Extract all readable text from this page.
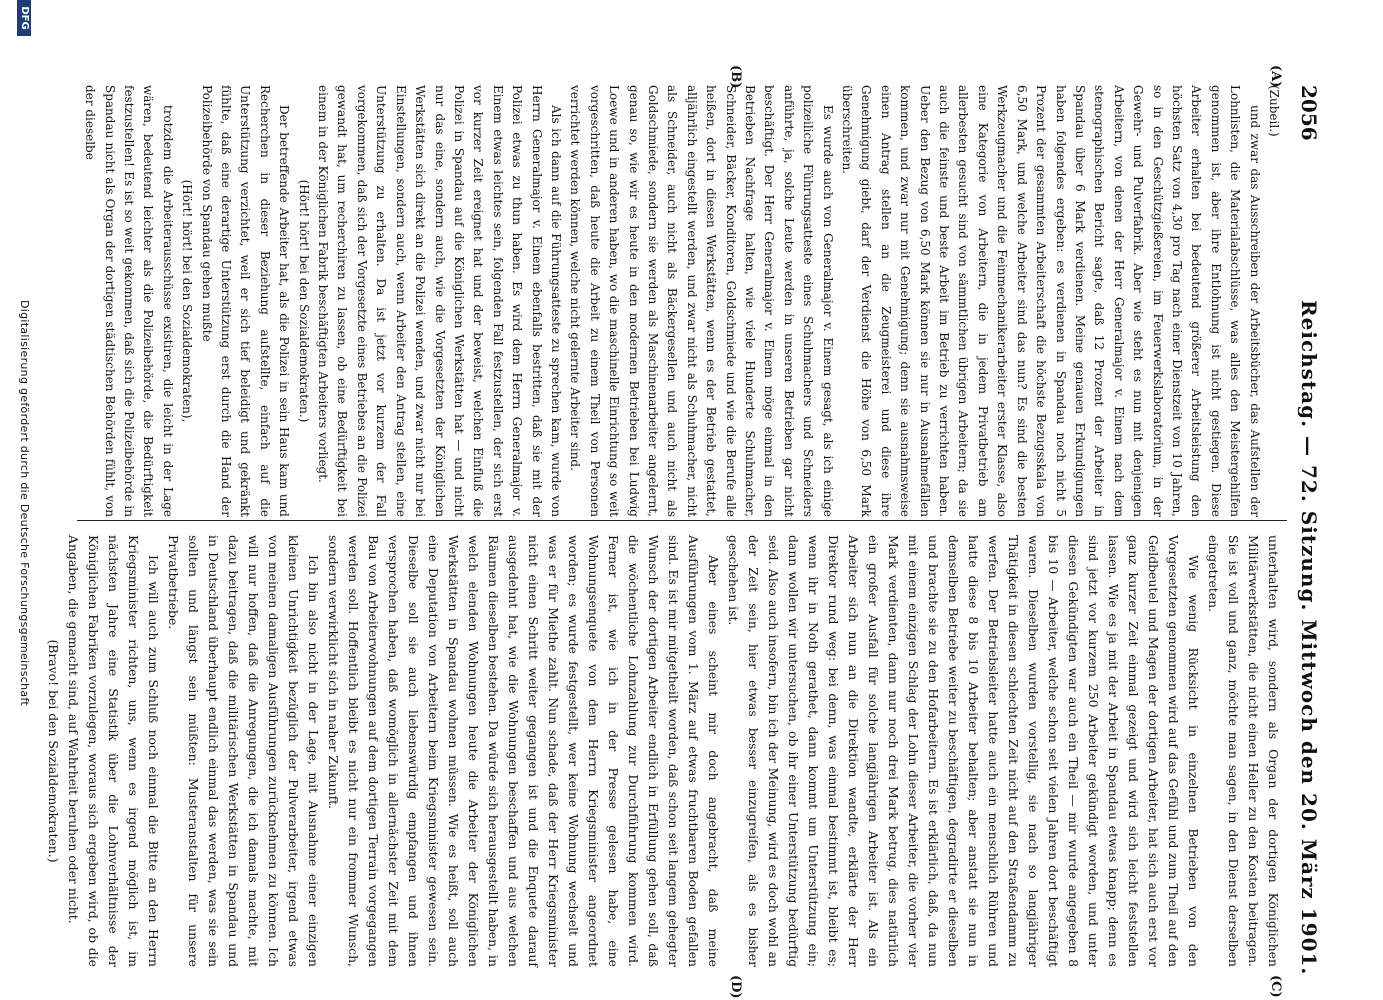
2056
Reichstag. — 72. Sitzung. Mittwoch den 20. März 1901.
(A)
(B)
(C)
(D)

(Zubeil.)

und zwar das Ausschreiben der Arbeitsbücher, das Aufstellen der Lohnlisten, die Materialabschlüsse, was alles den Meistergehilfen genommen ist, aber ihre Entlohnung ist nicht gestiegen. Diese Arbeiter erhalten bei bedeutend größerer Arbeitsleistung den höchsten Satz von 4,30 pro Tag nach einer Dienstzeit von 10 Jahren, so in den Geschützgießereien, im Feuerwerkslaboratorium, in der Gewehr- und Pulverfabrik. Aber wie steht es nun mit denjenigen Arbeitern, von denen der Herr Generalmajor v. Einem nach dem stenographischen Bericht sagte, daß 12 Prozent der Arbeiter in Spandau über 6 Mark verdienen. Meine genauen Erkundigungen haben folgendes ergeben: es verdienen in Spandau noch nicht 5 Prozent der gesammten Arbeiterschaft die höchste Bezugsskala von 6,50 Mark, und welche Arbeiter sind das nun? Es sind die besten Werkzeugmacher und die Feinmechanikerarbeiter erster Klasse, also eine Kategorie von Arbeitern, die in jedem Privatbetrieb am allerbesten gesucht sind von sämmtlichen übrigen Arbeitern; da sie auch die feinste und beste Arbeit im Betrieb zu verrichten haben. Ueber den Bezug von 6,50 Mark können sie nur in Ausnahmefällen kommen, und zwar nur mit Genehmigung; denn sie ausnahmsweise einen Antrag stellen an die Zeugmeisterei und diese ihre Genehmigung giebt, darf der Verdienst die Höhe von 6,50 Mark überschreiten.

Es wurde auch von Generalmajor v. Einem gesagt, als ich einige polizeiliche Führungsatteste eines Schuhmachers und Schneiders anführte, ja, solche Leute werden in unseren Betrieben gar nicht beschäftigt. Der Herr Generalmajor v. Einem möge einmal in den Betrieben Nachfrage halten, wie viele Hunderte Schuhmacher, Schneider, Bäcker, Konditoren, Goldschmiede und wie die Berufe alle heißen, dort in diesen Werkstätten, wenn es der Betrieb gestattet, alljährlich eingestellt werden, und zwar nicht als Schuhmacher, nicht als Schneider, auch nicht als Bäckergesellen und auch nicht als Goldschmiede, sondern sie werden als Maschinenarbeiter angelernt, genau so, wie wir es heute in den modernen Betrieben bei Ludwig Loewe und in anderen haben, wo die maschinelle Einrichtung so weit vorgeschritten, daß heute die Arbeit zu einem Theil von Personen verrichtet werden können, welche nicht gelernte Arbeiter sind.

Als ich dann auf die Führungsatteste zu sprechen kam, wurde von Herrn Generalmajor v. Einem ebenfalls bestritten, daß sie mit der Polizei etwas zu thun haben. Es wird dem Herrn Generalmajor v. Einem etwas leichtes sein, folgenden Fall festzustellen, der sich erst vor kurzer Zeit ereignet hat und der beweist, welchen Einfluß die Polizei in Spandau auf die Königlichen Werkstätten hat — und nicht nur das eine, sondern auch, wie die Vorgesetzten der Königlichen Werkstätten sich direkt an die Polizei wenden, und zwar nicht nur bei Einstellungen, sondern auch, wenn Arbeiter den Antrag stellen, eine Unterstützung zu erhalten. Da ist jetzt vor kurzem der Fall vorgekommen, daß sich der Vorgesetzte eines Betriebes an die Polizei gewandt hat, um recherchiren zu lassen, ob eine Bedürftigkeit bei einem in der Königlichen Fabrik beschäftigten Arbeiters vorliegt.

(Hört! hört! bei den Sozialdemokraten.)

Der betreffende Arbeiter hat, als die Polizei in sein Haus kam und Recherchen in dieser Beziehung aufstellte, einfach auf die Unterstützung verzichtet, weil er sich tief beleidigt und gekränkt fühlte, daß eine derartige Unterstützung erst durch die Hand der Polizeibehörde von Spandau gehen mußte

(Hört! hört! bei den Sozialdemokraten),

trotzdem die Arbeiterausschüsse existiren, die leicht in der Lage wären, bedeutend leichter als die Polizeibehörde, die Bedürftigkeit festzustellen! Es ist so weit gekommen, daß sich die Polizeibehörde in Spandau nicht als Organ der dortigen städtischen Behörden fühlt, von der dieselbe

unterhalten wird, sondern als Organ der dortigen Königlichen Militärwerkstätten, die nicht einen Heller zu den Kosten beitragen. Sie ist voll und ganz, möchte man sagen, in den Dienst derselben eingetreten.

Wie wenig Rücksicht in einzelnen Betrieben von den Vorgesetzten genommen wird auf das Gefühl und zum Theil auf den Geldbeutel und Magen der dortigen Arbeiter, hat sich auch erst vor ganz kurzer Zeit einmal gezeigt und wird sich leicht feststellen lassen. Wie es ja mit der Arbeit in Spandau etwas knapp; denn es sind jetzt vor kurzem 250 Arbeiter gekündigt worden, und unter diesen Gekündigten war auch ein Theil — mir wurde angegeben 8 bis 10 — Arbeiter, welche schon seit vielen Jahren dort beschäftigt waren. Dieselben wurden vorstellig, sie nach so langjähriger Thätigkeit in diesen schlechten Zeit nicht auf den Straßendamm zu werfen. Der Betriebsleiter hatte auch ein menschlich Rühren und hatte diese 8 bis 10 Arbeiter behalten; aber anstatt sie nun in demselben Betriebe weiter zu beschäftigen, degradirte er dieselben und brachte sie zu den Hofarbeitern. Es ist erklärlich, daß, da nun mit einem einzigen Schlag der Lohn dieser Arbeiter, die vorher vier Mark verdienten, dann nur noch drei Mark betrug, dies natürlich ein großer Ausfall für solche langjährigen Arbeiter ist. Als ein Arbeiter sich nun an die Direktion wandte, erklärte der Herr Direktor rund weg: bei denn, was einmal bestimmt ist, bleibt es; wenn ihr in Noth gerathet, dann kommt um Unterstützung ein; dann wollen wir untersuchen, ob ihr einer Unterstützung bedürftig seid. Also auch insofern, bin ich der Meinung, wird es doch wohl an der Zeit sein, hier etwas besser einzugreifen, als es bisher geschehen ist.

Aber eines scheint mir doch angebracht, daß meine Ausführungen vom 1. März auf etwas fruchtbaren Boden gefallen sind. Es ist mir mitgetheilt worden, daß schon seit langem gehegter Wunsch der dortigen Arbeiter endlich in Erfüllung gehen soll, daß die wöchentliche Lohnzahlung zur Durchführung kommen wird. Ferner ist, wie ich in der Presse gelesen habe, eine Wohnungsenquete von dem Herrn Kriegsminister angeordnet worden; es wurde festgestellt, wer keine Wohnung wechselt und was er für Miethe zahlt. Nun schade, daß der Herr Kriegsminister nicht einen Schritt weiter gegangen ist und die Enquete darauf ausgedehnt hat, wie die Wohnungen beschaffen und aus welchen Räumen dieselben bestehen. Da würde sich herausgestellt haben, in welch elenden Wohnungen heute die Arbeiter der Königlichen Werkstätten in Spandau wohnen müssen. Wie es heißt, soll auch eine Deputation von Arbeitern beim Kriegsminister gewesen sein. Dieselbe soll sie auch liebenswürdig empfangen und ihnen versprochen haben, daß womöglich in allernächster Zeit mit dem Bau von Arbeiterwohnungen auf dem dortigen Terrain vorgegangen werden soll. Hoffentlich bleibt es nicht nur ein frommer Wunsch, sondern verwirklicht sich in naher Zukunft.

Ich bin also nicht in der Lage, mit Ausnahme einer einzigen kleinen Unrichtigkeit bezüglich der Pulverarbeiter, irgend etwas von meinen damaligen Ausführungen zurücknehmen zu können. Ich will nur hoffen, daß die Anregungen, die ich damals machte, mit dazu beitragen, daß die militärischen Werkstätten in Spandau und in Deutschland überhaupt endlich einmal das werden, was sie sein sollten und längst sein müßten: Musteranstalten für unsere Privatbetriebe.

Ich will auch zum Schluß noch einmal die Bitte an den Herrn Kriegsminister richten, uns, wenn es irgend möglich ist, im nächsten Jahre eine Statistik über die Lohnverhältnisse der Königlichen Fabriken vorzulegen, woraus sich ergeben wird, ob die Angaben, die gemacht sind, auf Wahrheit beruhen oder nicht.

(Bravo! bei den Sozialdemokraten.)

Digitalisierung gefördert durch die Deutsche Forschungsgemeinschaft
DFG
